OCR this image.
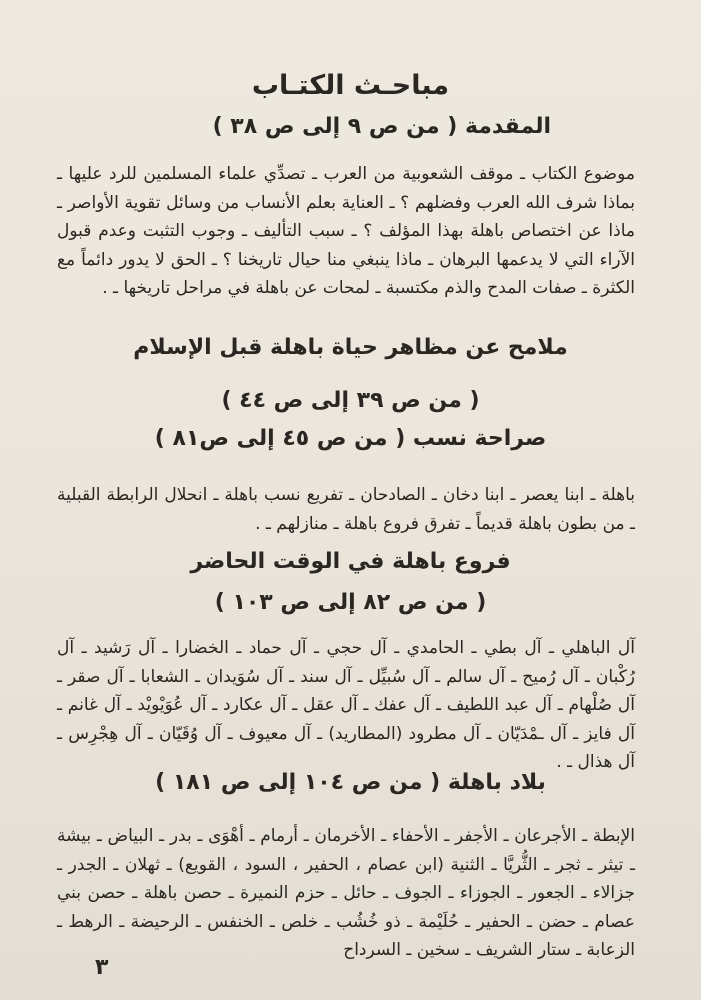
مباحـث الكتـاب
المقدمة ( من ص ٩ إلى ص ٣٨ )
موضوع الكتاب ـ موقف الشعوبية من العرب ـ تصدِّي علماء المسلمين للرد عليها ـ بماذا شرف الله العرب وفضلهم ؟ ـ العناية بعلم الأنساب من وسائل تقوية الأواصر ـ ماذا عن اختصاص باهلة بهذا المؤلف ؟ ـ سبب التأليف ـ وجوب التثبت وعدم قبول الآراء التي لا يدعمها البرهان ـ ماذا ينبغي منا حيال تاريخنا ؟ ـ الحق لا يدور دائماً مع الكثرة ـ صفات المدح والذم مكتسبة ـ لمحات عن باهلة في مراحل تاريخها ـ .
ملامح عن مظاهر حياة باهلة قبل الإسلام
( من ص ٣٩ إلى ص ٤٤ )
صراحة نسب ( من ص ٤٥ إلى ص٨١ )
باهلة ـ ابنا يعصر ـ ابنا دخان ـ الصادحان ـ تفريع نسب باهلة ـ انحلال الرابطة القبلية ـ من بطون باهلة قديماً ـ تفرق فروع باهلة ـ منازلهم ـ .
فروع باهلة في الوقت الحاضر
( من ص ٨٢ إلى ص ١٠٣ )
آل الباهلي ـ آل بطي ـ الحامدي ـ آل حجي ـ آل حماد ـ الخضارا ـ آل رَشيد ـ آل رُكْبان ـ آل رُميح ـ آل سالم ـ آل سُبيِّل ـ آل سند ـ آل سُوَيدان ـ الشعابا ـ آل صقر ـ آل صُلْهام ـ آل عبد اللطيف ـ آل عفك ـ آل عقل ـ آل عكارد ـ آل عُوَيْويْد ـ آل غانم ـ آل فايز ـ آل ـمْدَيّان ـ آل مطرود (المطاريد) ـ آل معيوف ـ آل وُقَيّان ـ آل هِجْرِس ـ آل هذال ـ .
بلاد باهلة ( من ص ١٠٤ إلى ص ١٨١ )
الإبطة ـ الأجرعان ـ الأجفر ـ الأحفاء ـ الأخرمان ـ أرمام ـ أهْوَى ـ بدر ـ البياض ـ بيشة ـ تيثر ـ ثجر ـ الثُّريَّا ـ الثنية (ابن عصام ، الحفير ، السود ، القويع) ـ ثهلان ـ الجدر ـ جزالاء ـ الجعور ـ الجوزاء ـ الجوف ـ حائل ـ حزم النميرة ـ حصن باهلة ـ حصن بني عصام ـ حضن ـ الحفير ـ حُلَيْمة ـ ذو خُشُب ـ خلص ـ الخنفس ـ الرحيضة ـ الرهط ـ الزعابة ـ ستار الشريف ـ سخين ـ السرداح
٣
